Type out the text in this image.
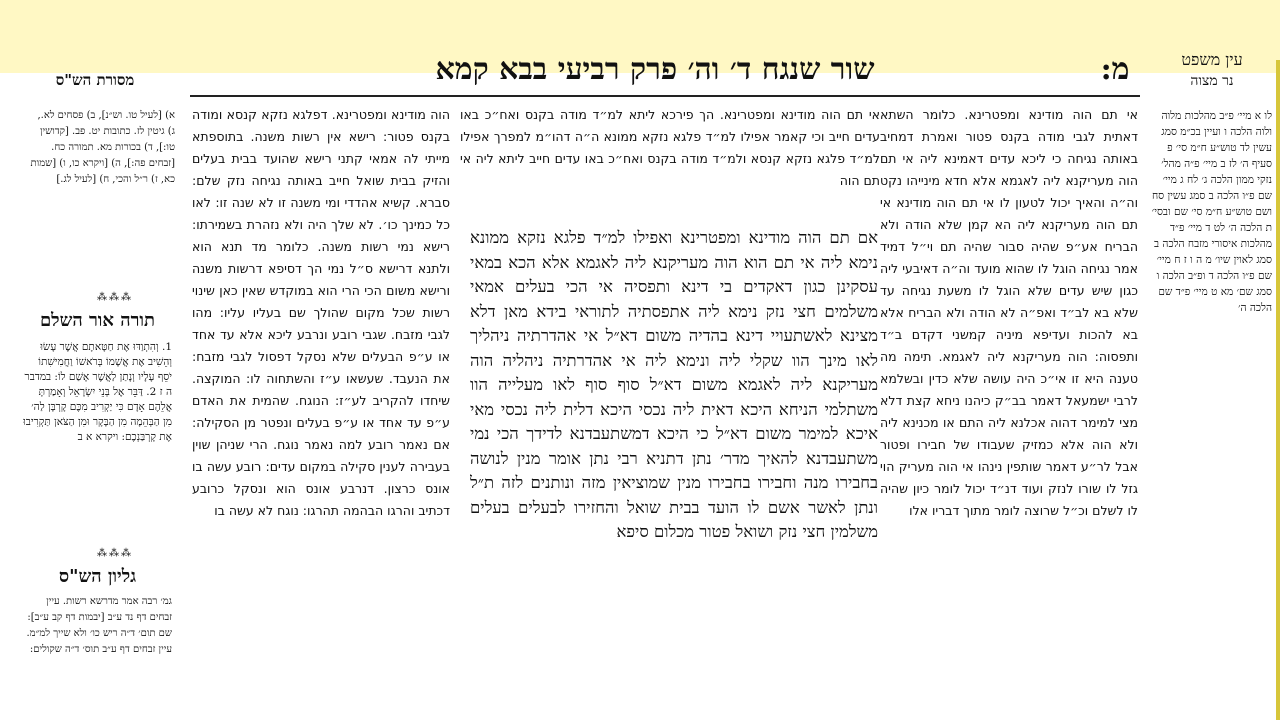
שור שנגח ד׳ וה׳ פרק רביעי בבא קמא	מ:	עין משפט
נר מצוה
לו א מיי׳ פ״ב מהלכות מלוה ולוה הלכה ו ועיין בכ״מ סמג עשין לד טוש״ע ח״מ סי׳ פ סעיף ה׳ לז ב מיי׳ פ״ה מהל׳ נזקי ממון הלכה ג׳ לח ג מיי׳ שם פ״ו הלכה ב סמג עשין סח ושם טוש״ע ח״מ סי׳ שם ובסי׳ ת הלכה ה׳ לט ד מיי׳ פ״ד מהלכות איסורי מזבח הלכה ב סמג לאוין שיו׳ מ ה ו ז ח מיי׳ שם פ״ו הלכה ד ופ״ב הלכה ו סמג שם׳ מא ט מיי׳ פ״ד שם הלכה ה׳
מסורת הש"ס
א) [לעיל טו. וש״נ], ב) פסחים לא., ג) גיטין לז. כתובות יט. פב. [קדושין טו:], ד) בכורות מא. תמורה כח. [זבחים פה:], ה) [ויקרא כו, ו) [שמות כא, ז) ר״ל והכי, ח) [לעיל לג.]
⁂⁂⁂
תורה אור השלם
1. וְהִתְוַדּוּ אֶת חַטָּאתָם אֲשֶׁר עָשׂוּ וְהֵשִׁיב אֶת אֲשָׁמוֹ בְּרֹאשׁוֹ וַחֲמִישִׁתוֹ יֹסֵף עָלָיו וְנָתַן לַאֲשֶׁר אָשַׁם לוֹ: במדבר ה ז 2. דַּבֵּר אֶל בְּנֵי יִשְׂרָאֵל וְאָמַרְתָּ אֲלֵהֶם אָדָם כִּי יַקְרִיב מִכֶּם קָרְבָּן לַה׳ מִן הַבְּהֵמָה מִן הַבָּקָר וּמִן הַצֹּאן תַּקְרִיבוּ אֶת קָרְבַּנְכֶם: ויקרא א ב
⁂⁂⁂
גליון הש"ס
גמ׳ רבה אמר מדרשא רשות. עיין זבחים דף נד ע״ב [יבמות דף קב ע״ב]: שם תום׳ ד״ה ריש כו׳ ולא שייך למ״מ. עיין זבחים דף ע״ב תוס׳ ד״ה שקולים:
אי תם הוה מודינא ומפטרינא. הך פירכא ליתא למ״ד מודה בקנס ואח״כ באו עדים חייב וכי קאמר אפילו למ״ד פלגא נזקא ממונא ה״ה דהו״מ למפרך אפילו למ״ד פלגא נזקא קנסא ולמ״ד מודה בקנס ואח״כ באו עדים חייב ליתא ליה אי תם הוה
הוה מודינא ומפטרינא. דפלגא נזקא קנסא ומודה בקנס פטור: רישא אין רשות משנה. בתוספתא מייתי לה אמאי קתני רישא שהועד בבית בעלים והזיק בבית שואל חייב באותה נגיחה נזק שלם: סברא. קשיא אהדדי ומי משנה זו לא שנה זו: לאו כל כמינך כו׳. לא שלך היה ולא נזהרת בשמירתו: רישא נמי רשות משנה. כלומר מד תנא הוא ולתנא דרישא ס״ל נמי הך דסיפא דרשות משנה ורישא משום הכי הרי הוא במוקדש שאין כאן שינוי רשות שכל מקום שהולך שם בעליו עליו: מהו לגבי מזבח. שגבי רובע ונרבע ליכא אלא עד אחד או ע״פ הבעלים שלא נסקל דפסול לגבי מזבח: את הנעבד. שעשאו ע״ז והשתחוה לו: המוקצה. שיחדו להקריב לע״ז: הנוגח. שהמית את האדם ע״פ עד אחד או ע״פ בעלים ונפטר מן הסקילה: אם נאמר רובע למה נאמר נוגח. הרי שניהן שוין בעבירה לענין סקילה במקום עדים: רובע עשה בו אונס כרצון. דנרבע אונס הוא ונסקל כרובע דכתיב והרגו הבהמה תהרגו: נוגח לא עשה בו
אם תם הוה מודינא ומפטרינא ואפילו למ״ד פלגא נזקא ממונא נימא ליה אי תם הוא הוה מעריקנא ליה לאגמא אלא הכא במאי עסקינן כגון דאקדים בי דינא ותפסיה אי הכי בעלים אמאי משלמים חצי נזק נימא ליה אתפסתיה לתוראי בידא מאן דלא מצינא לאשתעויי דינא בהדיה משום דא״ל אי אהדרתיה ניהליך לאו מינך הוו שקלי ליה ונימא ליה אי אהדרתיה ניהליה הוה מעריקנא ליה לאגמא משום דא״ל סוף סוף לאו מעלייה הוו משתלמי הניחא היכא דאית ליה נכסי היכא דלית ליה נכסי מאי איכא למימר משום דא״ל כי היכא דמשתעבדנא לדידך הכי נמי משתעבדנא להאיך מדר׳ נתן דתניא רבי נתן אומר מנין לנושה בחבירו מנה וחבירו בחבירו מנין שמוציאין מזה ונותנים לזה ת״ל ונתן לאשר אשם לו הועד בבית שואל והחזירו לבעלים בעלים משלמין חצי נזק ושואל פטור מכלום סיפא
אי תם הוה מודינא ומפטרינא. כלומר השתא דאתית לגבי מודה בקנס פטור ואמרת דמחיב באותה נגיחה כי ליכא עדים דאמינא ליה אי תם הוה מעריקנא ליה לאגמא אלא חדא מינייהו נקט וה״ה והאיך יכול לטעון לו אי תם הוה מודינא אי תם הוה מעריקנא ליה הא קמן שלא הודה ולא הבריח אע״פ שהיה סבור שהיה תם וי״ל דמיד אמר נגיחה הוגל לו שהוא מועד וה״ה דאיבעי ליה כגון שיש עדים שלא הוגל לו משעת נגיחה עד שלא בא לב״ד ואפ״ה לא הודה ולא הבריח אלא בא להכות ועדיפא מיניה קמשני דקדם ב״ד ותפסוה: הוה מעריקנא ליה לאגמא. תימה מה טענה היא זו אי״כ היה עושה שלא כדין ובשלמא לרבי ישמעאל דאמר בב״ק כיהנו ניחא קצת דלא מצי למימר דהוה אכלנא ליה התם או מכנינא ליה ולא הוה אלא כמזיק שעבודו של חבירו ופטור אבל לר״ע דאמר שותפין נינהו אי הוה מעריק הוי גזל לו שורו לנזק ועוד דנ״ד יכול לומר כיון שהיה לו לשלם וכ״ל שרוצה לומר מתוך דבריו אלו
